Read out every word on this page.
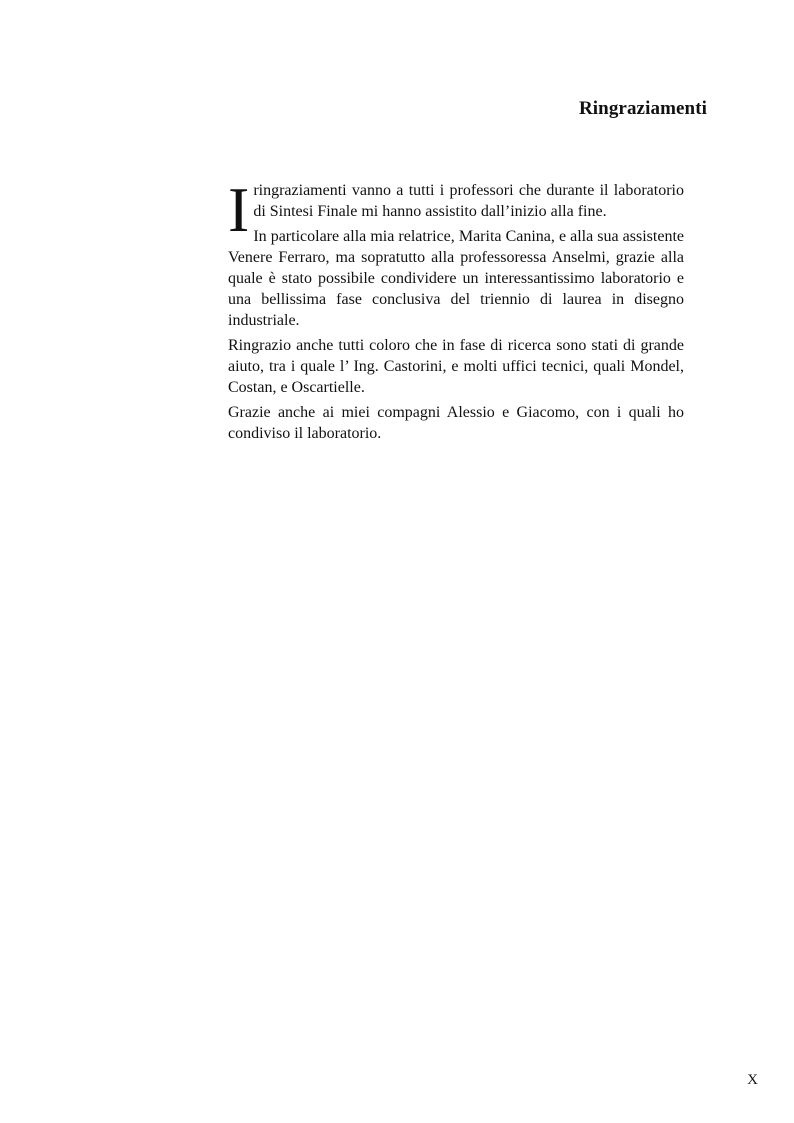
Ringraziamenti

Iringraziamenti vanno a tutti i professori che durante il laboratorio di Sintesi Finale mi hanno assistito dall’inizio alla fine.

In particolare alla mia relatrice, Marita Canina, e alla sua assistente Venere Ferraro, ma sopratutto alla professoressa Anselmi, grazie alla quale è stato possibile condividere un interessantissimo laboratorio e una bellissima fase conclusiva del triennio di laurea in disegno industriale.

Ringrazio anche tutti coloro che in fase di ricerca sono stati di grande aiuto, tra i quale l’ Ing. Castorini, e molti uffici tecnici, quali Mondel, Costan, e Oscartielle.

Grazie anche ai miei compagni Alessio e Giacomo, con i quali ho condiviso il laboratorio.

X
